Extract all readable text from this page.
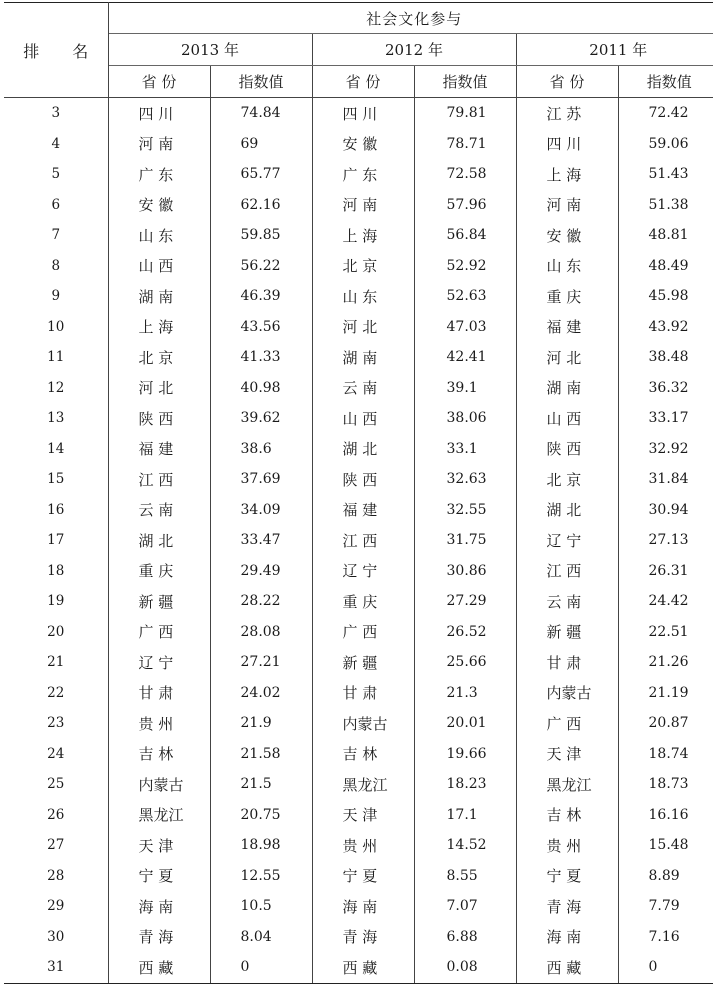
排 名	社会文化参与					
	2013 年		2012 年		2011 年	
	省 份	指数值	省 份	指数值	省 份	指数值
3	四 川	74.84	四 川	79.81	江 苏	72.42
4	河 南	69	安 徽	78.71	四 川	59.06
5	广 东	65.77	广 东	72.58	上 海	51.43
6	安 徽	62.16	河 南	57.96	河 南	51.38
7	山 东	59.85	上 海	56.84	安 徽	48.81
8	山 西	56.22	北 京	52.92	山 东	48.49
9	湖 南	46.39	山 东	52.63	重 庆	45.98
10	上 海	43.56	河 北	47.03	福 建	43.92
11	北 京	41.33	湖 南	42.41	河 北	38.48
12	河 北	40.98	云 南	39.1	湖 南	36.32
13	陕 西	39.62	山 西	38.06	山 西	33.17
14	福 建	38.6	湖 北	33.1	陕 西	32.92
15	江 西	37.69	陕 西	32.63	北 京	31.84
16	云 南	34.09	福 建	32.55	湖 北	30.94
17	湖 北	33.47	江 西	31.75	辽 宁	27.13
18	重 庆	29.49	辽 宁	30.86	江 西	26.31
19	新 疆	28.22	重 庆	27.29	云 南	24.42
20	广 西	28.08	广 西	26.52	新 疆	22.51
21	辽 宁	27.21	新 疆	25.66	甘 肃	21.26
22	甘 肃	24.02	甘 肃	21.3	内蒙古	21.19
23	贵 州	21.9	内蒙古	20.01	广 西	20.87
24	吉 林	21.58	吉 林	19.66	天 津	18.74
25	内蒙古	21.5	黑龙江	18.23	黑龙江	18.73
26	黑龙江	20.75	天 津	17.1	吉 林	16.16
27	天 津	18.98	贵 州	14.52	贵 州	15.48
28	宁 夏	12.55	宁 夏	8.55	宁 夏	8.89
29	海 南	10.5	海 南	7.07	青 海	7.79
30	青 海	8.04	青 海	6.88	海 南	7.16
31	西 藏	0	西 藏	0.08	西 藏	0
